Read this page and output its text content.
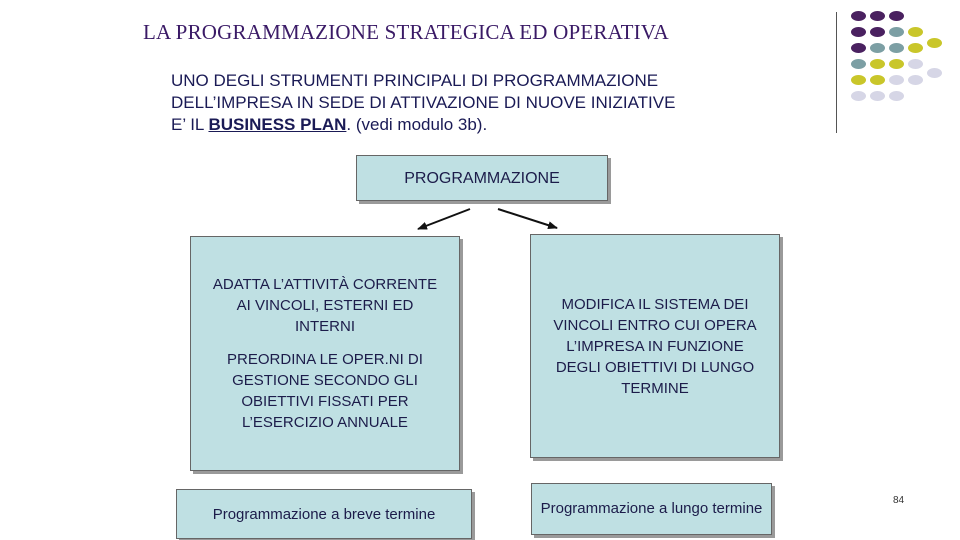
LA PROGRAMMAZIONE STRATEGICA ED OPERATIVA
UNO DEGLI STRUMENTI PRINCIPALI DI PROGRAMMAZIONE
DELL’IMPRESA IN SEDE DI ATTIVAZIONE DI NUOVE INIZIATIVE
E’ IL BUSINESS PLAN. (vedi modulo 3b).
PROGRAMMAZIONE
ADATTA L’ATTIVITÀ CORRENTE AI VINCOLI, ESTERNI ED INTERNI
PREORDINA LE OPER.NI DI GESTIONE SECONDO GLI OBIETTIVI FISSATI PER L’ESERCIZIO ANNUALE
MODIFICA IL SISTEMA DEI VINCOLI ENTRO CUI OPERA L’IMPRESA IN FUNZIONE DEGLI OBIETTIVI DI LUNGO TERMINE
Programmazione a breve termine	Programmazione a lungo termine	84
